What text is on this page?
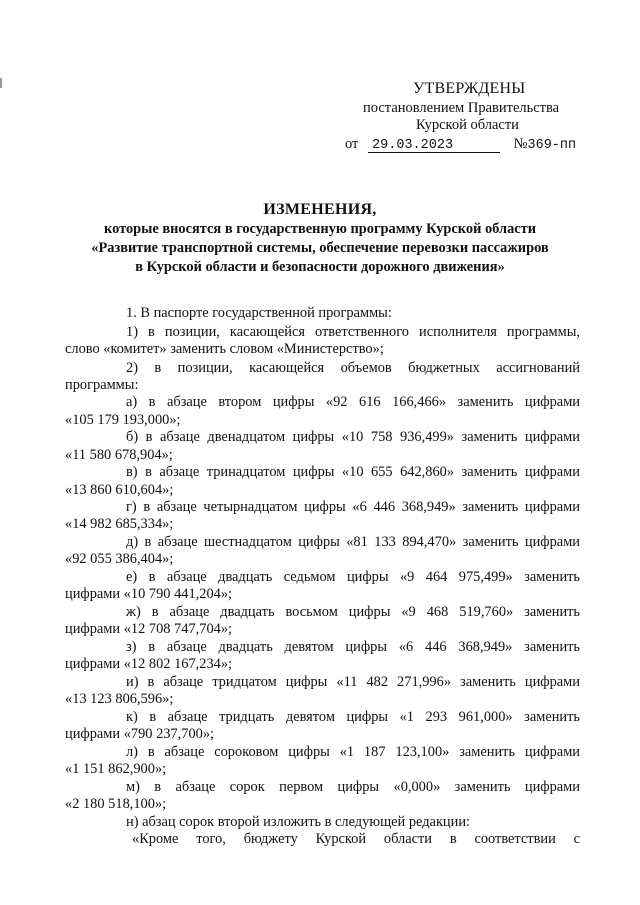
УТВЕРЖДЕНЫ
постановлением Правительства
Курской области
от 29.03.2023	№369-пп
ИЗМЕНЕНИЯ,
которые вносятся в государственную программу Курской области
«Развитие транспортной системы, обеспечение перевозки пассажиров
в Курской области и безопасности дорожного движения»
1. В паспорте государственной программы:
1) в позиции, касающейся ответственного исполнителя программы,
слово «комитет» заменить словом «Министерство»;
2) в позиции, касающейся объемов бюджетных ассигнований
программы:
а) в абзаце втором цифры «92 616 166,466» заменить цифрами
«105 179 193,000»;
б) в абзаце двенадцатом цифры «10 758 936,499» заменить цифрами
«11 580 678,904»;
в) в абзаце тринадцатом цифры «10 655 642,860» заменить цифрами
«13 860 610,604»;
г) в абзаце четырнадцатом цифры «6 446 368,949» заменить цифрами
«14 982 685,334»;
д) в абзаце шестнадцатом цифры «81 133 894,470» заменить цифрами
«92 055 386,404»;
е) в абзаце двадцать седьмом цифры «9 464 975,499» заменить
цифрами «10 790 441,204»;
ж) в абзаце двадцать восьмом цифры «9 468 519,760» заменить
цифрами «12 708 747,704»;
з) в абзаце двадцать девятом цифры «6 446 368,949» заменить
цифрами «12 802 167,234»;
и) в абзаце тридцатом цифры «11 482 271,996» заменить цифрами
«13 123 806,596»;
к) в абзаце тридцать девятом цифры «1 293 961,000» заменить
цифрами «790 237,700»;
л) в абзаце сороковом цифры «1 187 123,100» заменить цифрами
«1 151 862,900»;
м) в абзаце сорок первом цифры «0,000» заменить цифрами
«2 180 518,100»;
н) абзац сорок второй изложить в следующей редакции:
«Кроме того, бюджету Курской области в соответствии с
